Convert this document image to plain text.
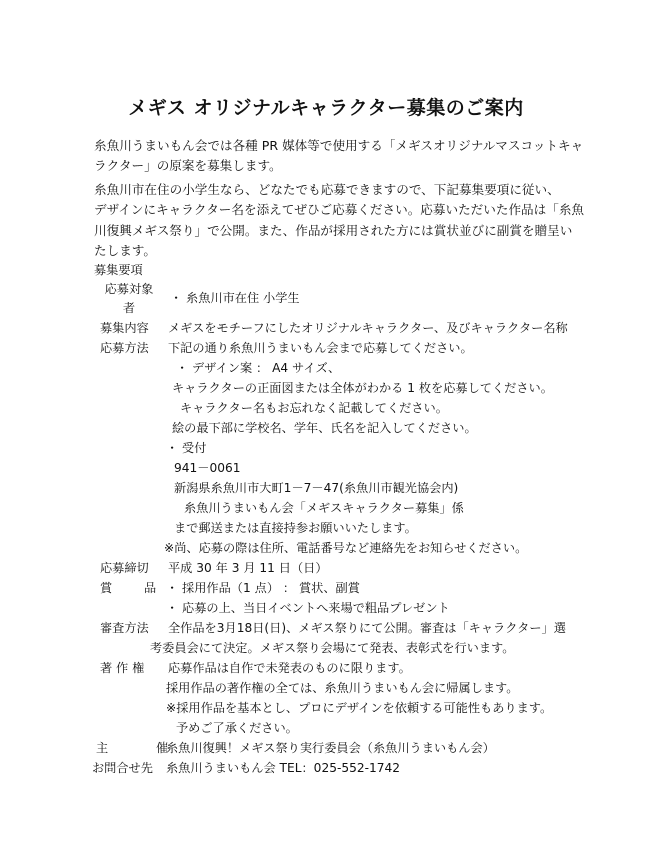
メギス オリジナルキャラクター募集のご案内
糸魚川うまいもん会では各種 PR 媒体等で使用する「メギスオリジナルマスコットキャ
ラクター」の原案を募集します。
糸魚川市在住の小学生なら、どなたでも応募できますので、下記募集要項に従い、
デザインにキャラクター名を添えてぜひご応募ください。応募いただいた作品は「糸魚
川復興メギス祭り」で公開。また、作品が採用された方には賞状並びに副賞を贈呈い
たします。
募集要項
応募対象
者
・ 糸魚川市在住 小学生
募集内容 メギスをモチーフにしたオリジナルキャラクター、及びキャラクター名称
応募方法 下記の通り糸魚川うまいもん会まで応募してください。
・ デザイン案 ： A4 サイズ、
キャラクターの正面図または全体がわかる 1 枚を応募してください。
キャラクター名もお忘れなく記載してください。
絵の最下部に学校名、学年、氏名を記入してください。
・ 受付
941－0061
新潟県糸魚川市大町1－7－47(糸魚川市観光協会内)
糸魚川うまいもん会「メギスキャラクター募集」係
まで郵送または直接持参お願いいたします。
※尚、応募の際は住所、電話番号など連絡先をお知らせください。
応募締切 平成 30 年 3 月 11 日（日）
賞 品
・ 採用作品（1 点） ： 賞状、副賞
・ 応募の上、当日イベントへ来場で粗品プレゼント
審査方法 全作品を3月18日(日)、メギス祭りにて公開。審査は「キャラクター」選
考委員会にて決定。メギス祭り会場にて発表、表彰式を行います。
著 作 権 応募作品は自作で未発表のものに限ります。
採用作品の著作権の全ては、糸魚川うまいもん会に帰属します。
※採用作品を基本とし、プロにデザインを依頼する可能性もあります。
予めご了承ください。
主 催
糸魚川復興！メギス祭り実行委員会（糸魚川うまいもん会）
お問合せ先 糸魚川うまいもん会 TEL：025-552-1742
